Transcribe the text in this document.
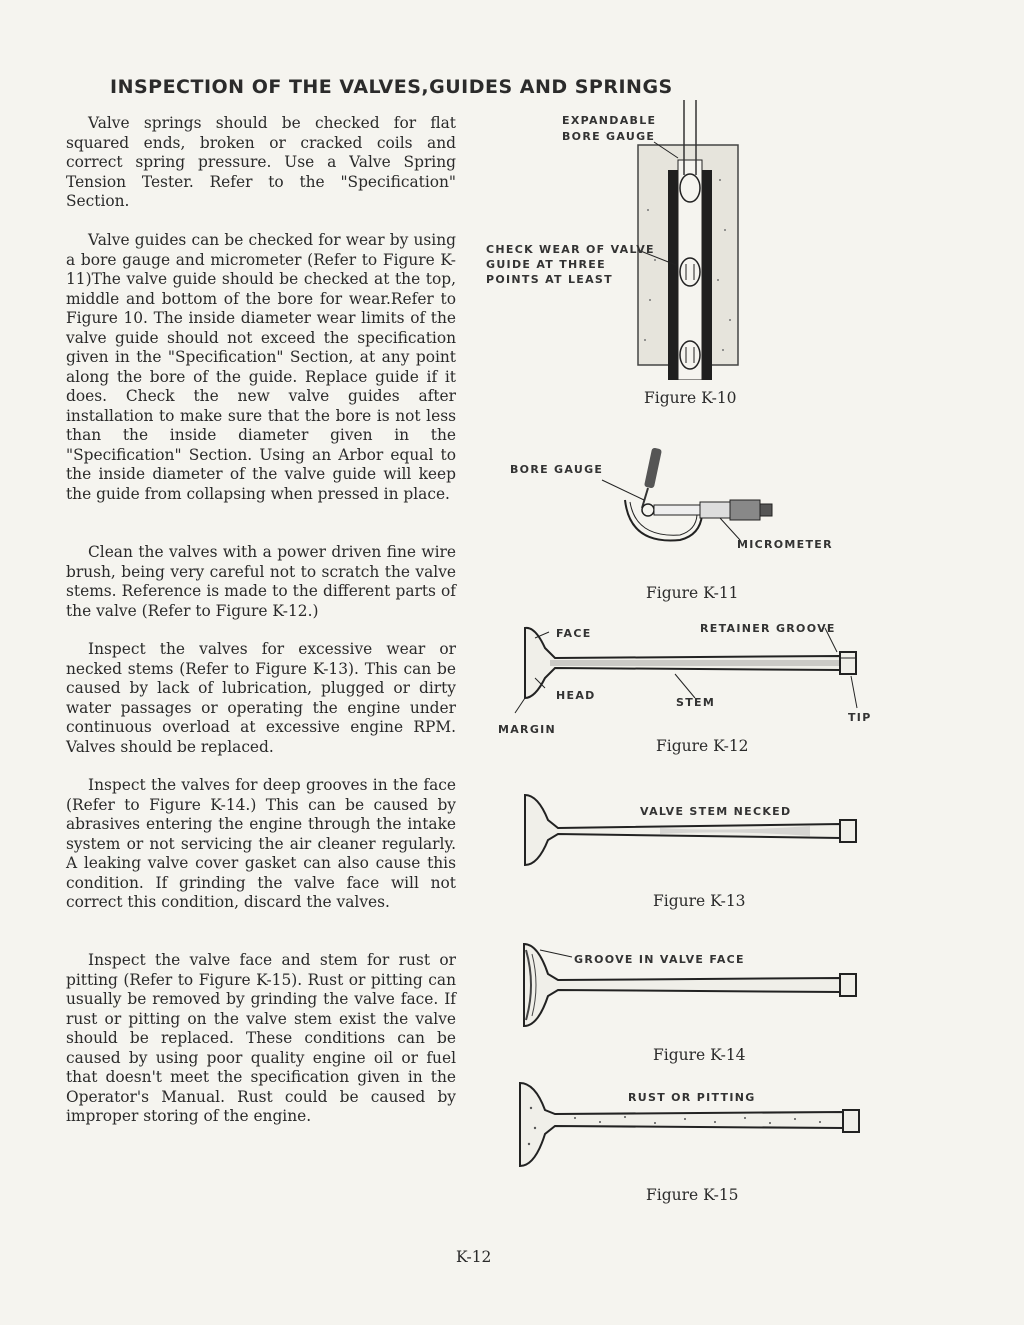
INSPECTION OF THE VALVES,GUIDES AND SPRINGS

Valve springs should be checked for flat squared ends, broken or cracked coils and correct spring pressure. Use a Valve Spring Tension Tester. Refer to the "Specification" Section.

Valve guides can be checked for wear by using a bore gauge and micrometer (Refer to Figure K-11)The valve guide should be checked at the top, middle and bottom of the bore for wear.Refer to Figure 10. The inside diameter wear limits of the valve guide should not exceed the specification given in the "Specification" Section, at any point along the bore of the guide. Replace guide if it does. Check the new valve guides after installation to make sure that the bore is not less than the inside diameter given in the "Specification" Section. Using an Arbor equal to the inside diameter of the valve guide will keep the guide from collapsing when pressed in place.

Clean the valves with a power driven fine wire brush, being very careful not to scratch the valve stems. Reference is made to the different parts of the valve (Refer to Figure K-12.)

Inspect the valves for excessive wear or necked stems (Refer to Figure K-13). This can be caused by lack of lubrication, plugged or dirty water passages or operating the engine under continuous overload at excessive engine RPM. Valves should be replaced.

Inspect the valves for deep grooves in the face (Refer to Figure K-14.) This can be caused by abrasives entering the engine through the intake system or not servicing the air cleaner regularly. A leaking valve cover gasket can also cause this condition. If grinding the valve face will not correct this condition, discard the valves.

Inspect the valve face and stem for rust or pitting (Refer to Figure K-15). Rust or pitting can usually be removed by grinding the valve face. If rust or pitting on the valve stem exist the valve should be replaced. These conditions can be caused by using poor quality engine oil or fuel that doesn't meet the specification given in the Operator's Manual. Rust could be caused by improper storing of the engine.

EXPANDABLE
BORE GAUGE
CHECK WEAR OF VALVE
GUIDE AT THREE
POINTS AT LEAST
Figure K-10
BORE GAUGE
MICROMETER
Figure K-11
FACE	RETAINER GROOVE
HEAD
STEM
TIP
MARGIN
Figure K-12
VALVE STEM NECKED
Figure K-13
GROOVE IN VALVE FACE
Figure K-14
RUST OR PITTING
Figure K-15
K-12
